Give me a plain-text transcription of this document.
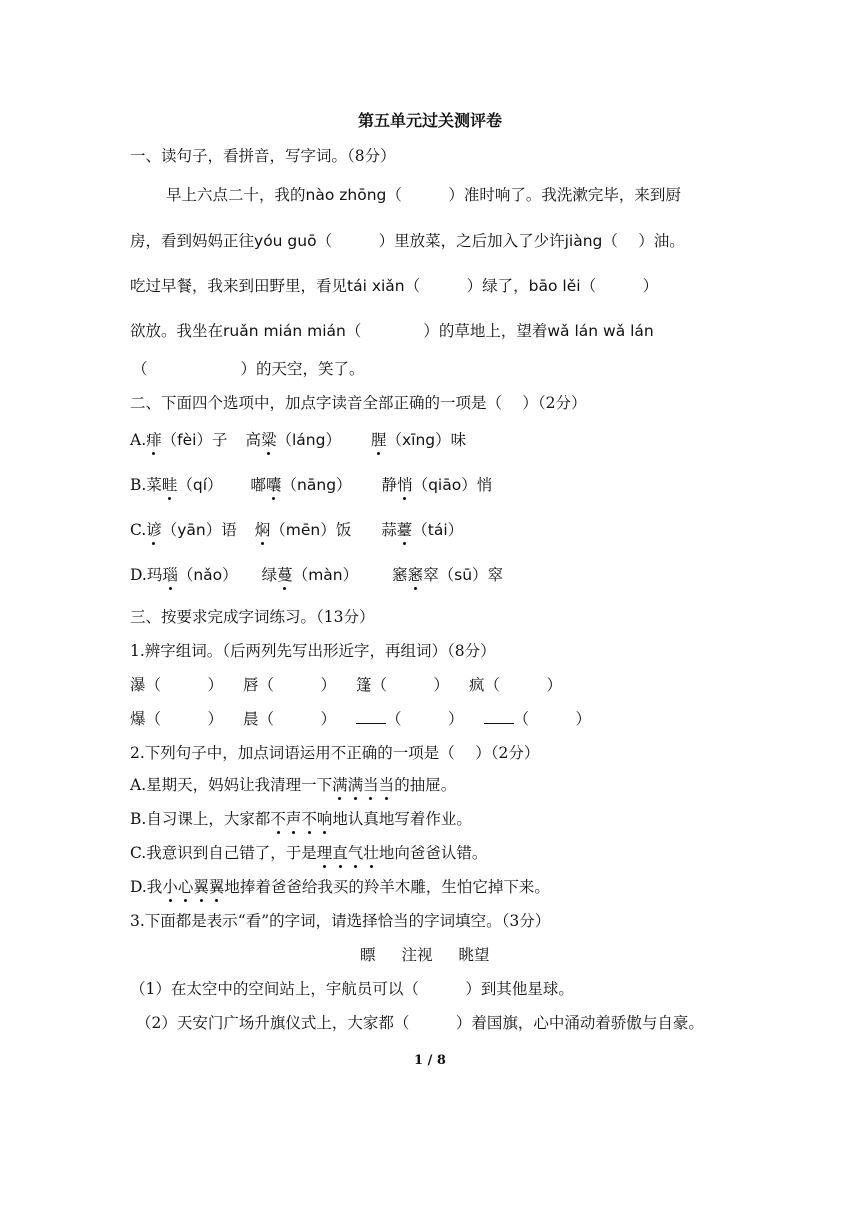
第五单元过关测评卷
一、读句子，看拼音，写字词。（8分）
早上六点二十，我的nào zhōng（　　　）准时响了。我洗漱完毕，来到厨
房，看到妈妈正往yóu guō（　　　）里放菜，之后加入了少许jiàng（　 ）油。
吃过早餐，我来到田野里，看见tái xiǎn（　　　）绿了，bāo lěi（　　　）
欲放。我坐在ruǎn mián mián（　　　　）的草地上，望着wǎ lán wǎ lán
（　　　　　　）的天空，笑了。
二、下面四个选项中，加点字读音全部正确的一项是（　 ）（2分）
A.痱（fèi）子 高粱（láng） 腥（xīng）味
B.菜畦（qí） 嘟囔（nāng） 静悄（qiāo）悄
C.谚（yān）语 焖（mēn）饭 蒜薹（tái）
D.玛瑙（nǎo） 绿蔓（màn） 窸窸窣（sū）窣
三、按要求完成字词练习。（13分）
1.辨字组词。（后两列先写出形近字，再组词）（8分）
瀑（　　　） 唇（　　　） 篷（　　　） 疯（　　　）
爆（　　　） 晨（　　　）	（　　　）	（　　　）
2.下列句子中，加点词语运用不正确的一项是（　 ）（2分）
A.星期天，妈妈让我清理一下满满当当的抽屉。
B.自习课上，大家都不声不响地认真地写着作业。
C.我意识到自己错了，于是理直气壮地向爸爸认错。
D.我小心翼翼地捧着爸爸给我买的羚羊木雕，生怕它掉下来。
3.下面都是表示“看”的字词，请选择恰当的字词填空。（3分）
瞟 注视 眺望
（1）在太空中的空间站上，宇航员可以（　　　）到其他星球。
（2）天安门广场升旗仪式上，大家都（　　　）着国旗，心中涌动着骄傲与自豪。
1 / 8
